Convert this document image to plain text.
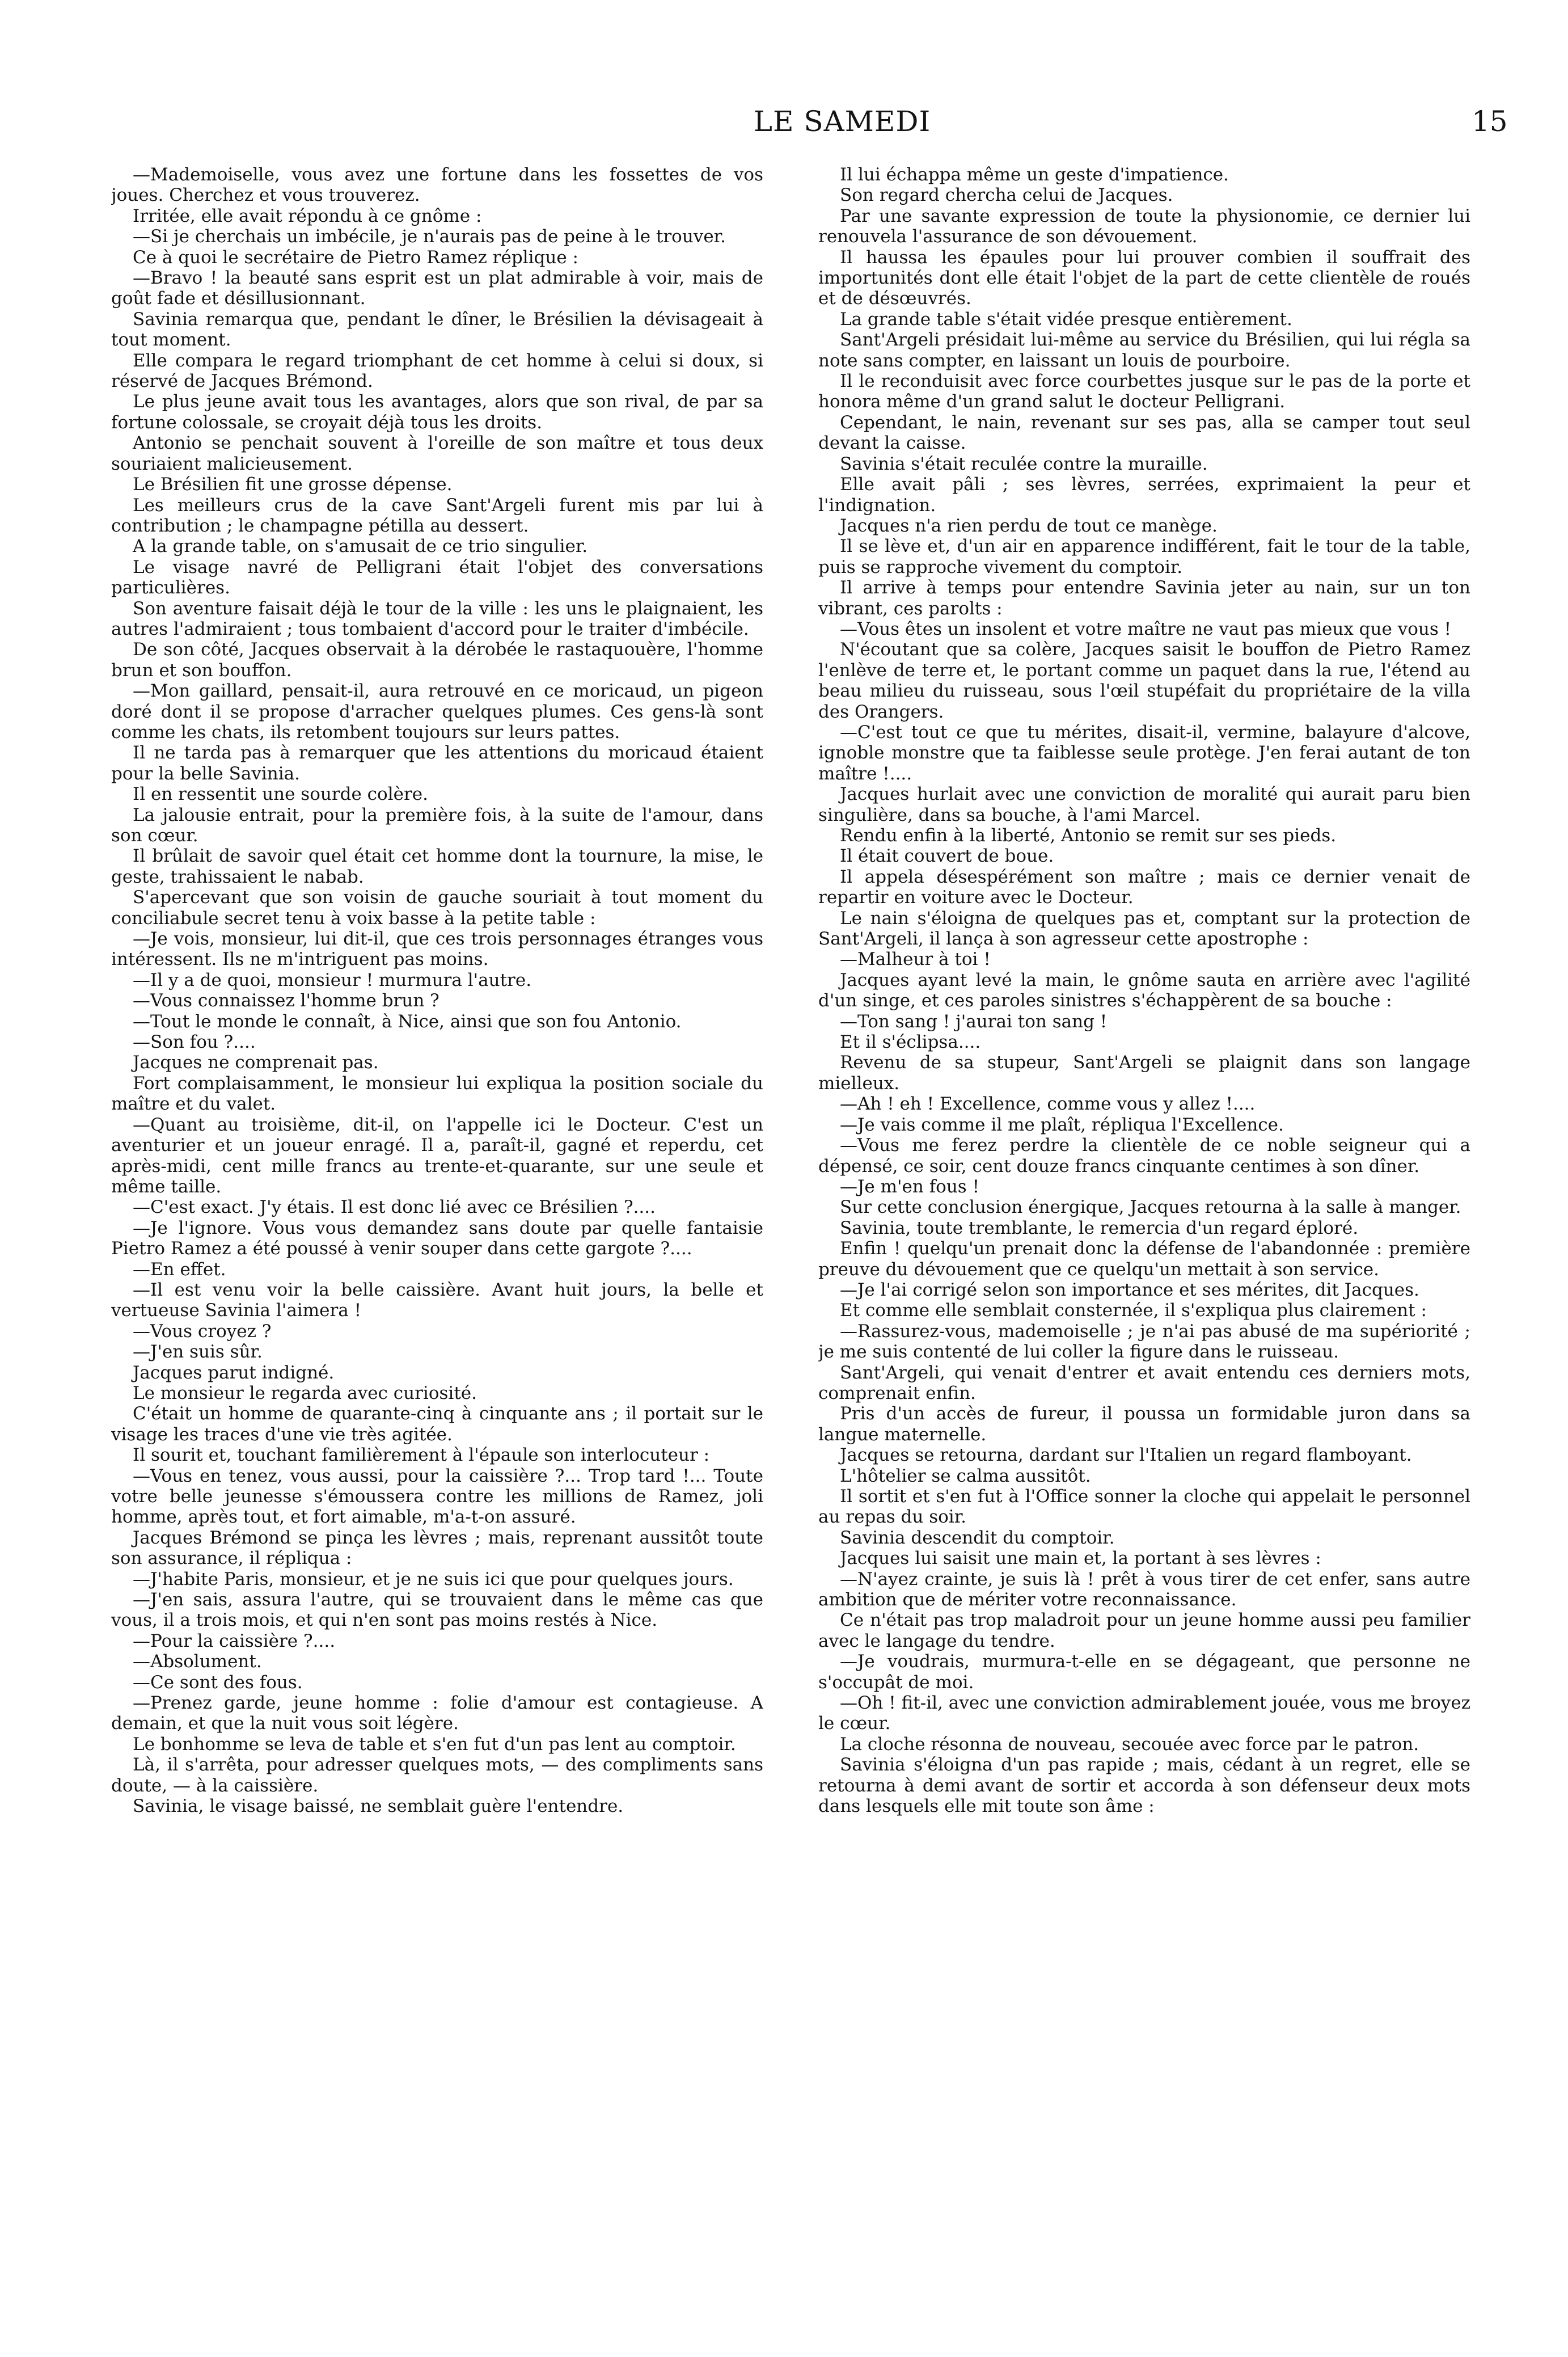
LE SAMEDI	15

—Mademoiselle, vous avez une fortune dans les fossettes de vos joues. Cherchez et vous trouverez.

Irritée, elle avait répondu à ce gnôme :

—Si je cherchais un imbécile, je n'aurais pas de peine à le trouver.

Ce à quoi le secrétaire de Pietro Ramez réplique :

—Bravo ! la beauté sans esprit est un plat admirable à voir, mais de goût fade et désillusionnant.

Savinia remarqua que, pendant le dîner, le Brésilien la dévisageait à tout moment.

Elle compara le regard triomphant de cet homme à celui si doux, si réservé de Jacques Brémond.

Le plus jeune avait tous les avantages, alors que son rival, de par sa fortune colossale, se croyait déjà tous les droits.

Antonio se penchait souvent à l'oreille de son maître et tous deux souriaient malicieusement.

Le Brésilien fit une grosse dépense.

Les meilleurs crus de la cave Sant'Argeli furent mis par lui à contribution ; le champagne pétilla au dessert.

A la grande table, on s'amusait de ce trio singulier.

Le visage navré de Pelligrani était l'objet des conversations particulières.

Son aventure faisait déjà le tour de la ville : les uns le plaignaient, les autres l'admiraient ; tous tombaient d'accord pour le traiter d'imbécile.

De son côté, Jacques observait à la dérobée le rastaquouère, l'homme brun et son bouffon.

—Mon gaillard, pensait-il, aura retrouvé en ce moricaud, un pigeon doré dont il se propose d'arracher quelques plumes. Ces gens-là sont comme les chats, ils retombent toujours sur leurs pattes.

Il ne tarda pas à remarquer que les attentions du moricaud étaient pour la belle Savinia.

Il en ressentit une sourde colère.

La jalousie entrait, pour la première fois, à la suite de l'amour, dans son cœur.

Il brûlait de savoir quel était cet homme dont la tournure, la mise, le geste, trahissaient le nabab.

S'apercevant que son voisin de gauche souriait à tout moment du conciliabule secret tenu à voix basse à la petite table :

—Je vois, monsieur, lui dit-il, que ces trois personnages étranges vous intéressent. Ils ne m'intriguent pas moins.

—Il y a de quoi, monsieur ! murmura l'autre.

—Vous connaissez l'homme brun ?

—Tout le monde le connaît, à Nice, ainsi que son fou Antonio.

—Son fou ?....

Jacques ne comprenait pas.

Fort complaisamment, le monsieur lui expliqua la position sociale du maître et du valet.

—Quant au troisième, dit-il, on l'appelle ici le Docteur. C'est un aventurier et un joueur enragé. Il a, paraît-il, gagné et reperdu, cet après-midi, cent mille francs au trente-et-quarante, sur une seule et même taille.

—C'est exact. J'y étais. Il est donc lié avec ce Brésilien ?....

—Je l'ignore. Vous vous demandez sans doute par quelle fantaisie Pietro Ramez a été poussé à venir souper dans cette gargote ?....

—En effet.

—Il est venu voir la belle caissière. Avant huit jours, la belle et vertueuse Savinia l'aimera !

—Vous croyez ?

—J'en suis sûr.

Jacques parut indigné.

Le monsieur le regarda avec curiosité.

C'était un homme de quarante-cinq à cinquante ans ; il portait sur le visage les traces d'une vie très agitée.

Il sourit et, touchant familièrement à l'épaule son interlocuteur :

—Vous en tenez, vous aussi, pour la caissière ?... Trop tard !... Toute votre belle jeunesse s'émoussera contre les millions de Ramez, joli homme, après tout, et fort aimable, m'a-t-on assuré.

Jacques Brémond se pinça les lèvres ; mais, reprenant aussitôt toute son assurance, il répliqua :

—J'habite Paris, monsieur, et je ne suis ici que pour quelques jours.

—J'en sais, assura l'autre, qui se trouvaient dans le même cas que vous, il a trois mois, et qui n'en sont pas moins restés à Nice.

—Pour la caissière ?....

—Absolument.

—Ce sont des fous.

—Prenez garde, jeune homme : folie d'amour est contagieuse. A demain, et que la nuit vous soit légère.

Le bonhomme se leva de table et s'en fut d'un pas lent au comptoir.

Là, il s'arrêta, pour adresser quelques mots, — des compliments sans doute, — à la caissière.

Savinia, le visage baissé, ne semblait guère l'entendre.

Il lui échappa même un geste d'impatience.

Son regard chercha celui de Jacques.

Par une savante expression de toute la physionomie, ce dernier lui renouvela l'assurance de son dévouement.

Il haussa les épaules pour lui prouver combien il souffrait des importunités dont elle était l'objet de la part de cette clientèle de roués et de désœuvrés.

La grande table s'était vidée presque entièrement.

Sant'Argeli présidait lui-même au service du Brésilien, qui lui régla sa note sans compter, en laissant un louis de pourboire.

Il le reconduisit avec force courbettes jusque sur le pas de la porte et honora même d'un grand salut le docteur Pelligrani.

Cependant, le nain, revenant sur ses pas, alla se camper tout seul devant la caisse.

Savinia s'était reculée contre la muraille.

Elle avait pâli ; ses lèvres, serrées, exprimaient la peur et l'indignation.

Jacques n'a rien perdu de tout ce manège.

Il se lève et, d'un air en apparence indifférent, fait le tour de la table, puis se rapproche vivement du comptoir.

Il arrive à temps pour entendre Savinia jeter au nain, sur un ton vibrant, ces parolts :

—Vous êtes un insolent et votre maître ne vaut pas mieux que vous !

N'écoutant que sa colère, Jacques saisit le bouffon de Pietro Ramez l'enlève de terre et, le portant comme un paquet dans la rue, l'étend au beau milieu du ruisseau, sous l'œil stupéfait du propriétaire de la villa des Orangers.

—C'est tout ce que tu mérites, disait-il, vermine, balayure d'alcove, ignoble monstre que ta faiblesse seule protège. J'en ferai autant de ton maître !....

Jacques hurlait avec une conviction de moralité qui aurait paru bien singulière, dans sa bouche, à l'ami Marcel.

Rendu enfin à la liberté, Antonio se remit sur ses pieds.

Il était couvert de boue.

Il appela désespérément son maître ; mais ce dernier venait de repartir en voiture avec le Docteur.

Le nain s'éloigna de quelques pas et, comptant sur la protection de Sant'Argeli, il lança à son agresseur cette apostrophe :

—Malheur à toi !

Jacques ayant levé la main, le gnôme sauta en arrière avec l'agilité d'un singe, et ces paroles sinistres s'échappèrent de sa bouche :

—Ton sang ! j'aurai ton sang !

Et il s'éclipsa....

Revenu de sa stupeur, Sant'Argeli se plaignit dans son langage mielleux.

—Ah ! eh ! Excellence, comme vous y allez !....

—Je vais comme il me plaît, répliqua l'Excellence.

—Vous me ferez perdre la clientèle de ce noble seigneur qui a dépensé, ce soir, cent douze francs cinquante centimes à son dîner.

—Je m'en fous !

Sur cette conclusion énergique, Jacques retourna à la salle à manger.

Savinia, toute tremblante, le remercia d'un regard éploré.

Enfin ! quelqu'un prenait donc la défense de l'abandonnée : première preuve du dévouement que ce quelqu'un mettait à son service.

—Je l'ai corrigé selon son importance et ses mérites, dit Jacques.

Et comme elle semblait consternée, il s'expliqua plus clairement :

—Rassurez-vous, mademoiselle ; je n'ai pas abusé de ma supériorité ; je me suis contenté de lui coller la figure dans le ruisseau.

Sant'Argeli, qui venait d'entrer et avait entendu ces derniers mots, comprenait enfin.

Pris d'un accès de fureur, il poussa un formidable juron dans sa langue maternelle.

Jacques se retourna, dardant sur l'Italien un regard flamboyant.

L'hôtelier se calma aussitôt.

Il sortit et s'en fut à l'Office sonner la cloche qui appelait le personnel au repas du soir.

Savinia descendit du comptoir.

Jacques lui saisit une main et, la portant à ses lèvres :

—N'ayez crainte, je suis là ! prêt à vous tirer de cet enfer, sans autre ambition que de mériter votre reconnaissance.

Ce n'était pas trop maladroit pour un jeune homme aussi peu familier avec le langage du tendre.

—Je voudrais, murmura-t-elle en se dégageant, que personne ne s'occupât de moi.

—Oh ! fit-il, avec une conviction admirablement jouée, vous me broyez le cœur.

La cloche résonna de nouveau, secouée avec force par le patron.

Savinia s'éloigna d'un pas rapide ; mais, cédant à un regret, elle se retourna à demi avant de sortir et accorda à son défenseur deux mots dans lesquels elle mit toute son âme :
